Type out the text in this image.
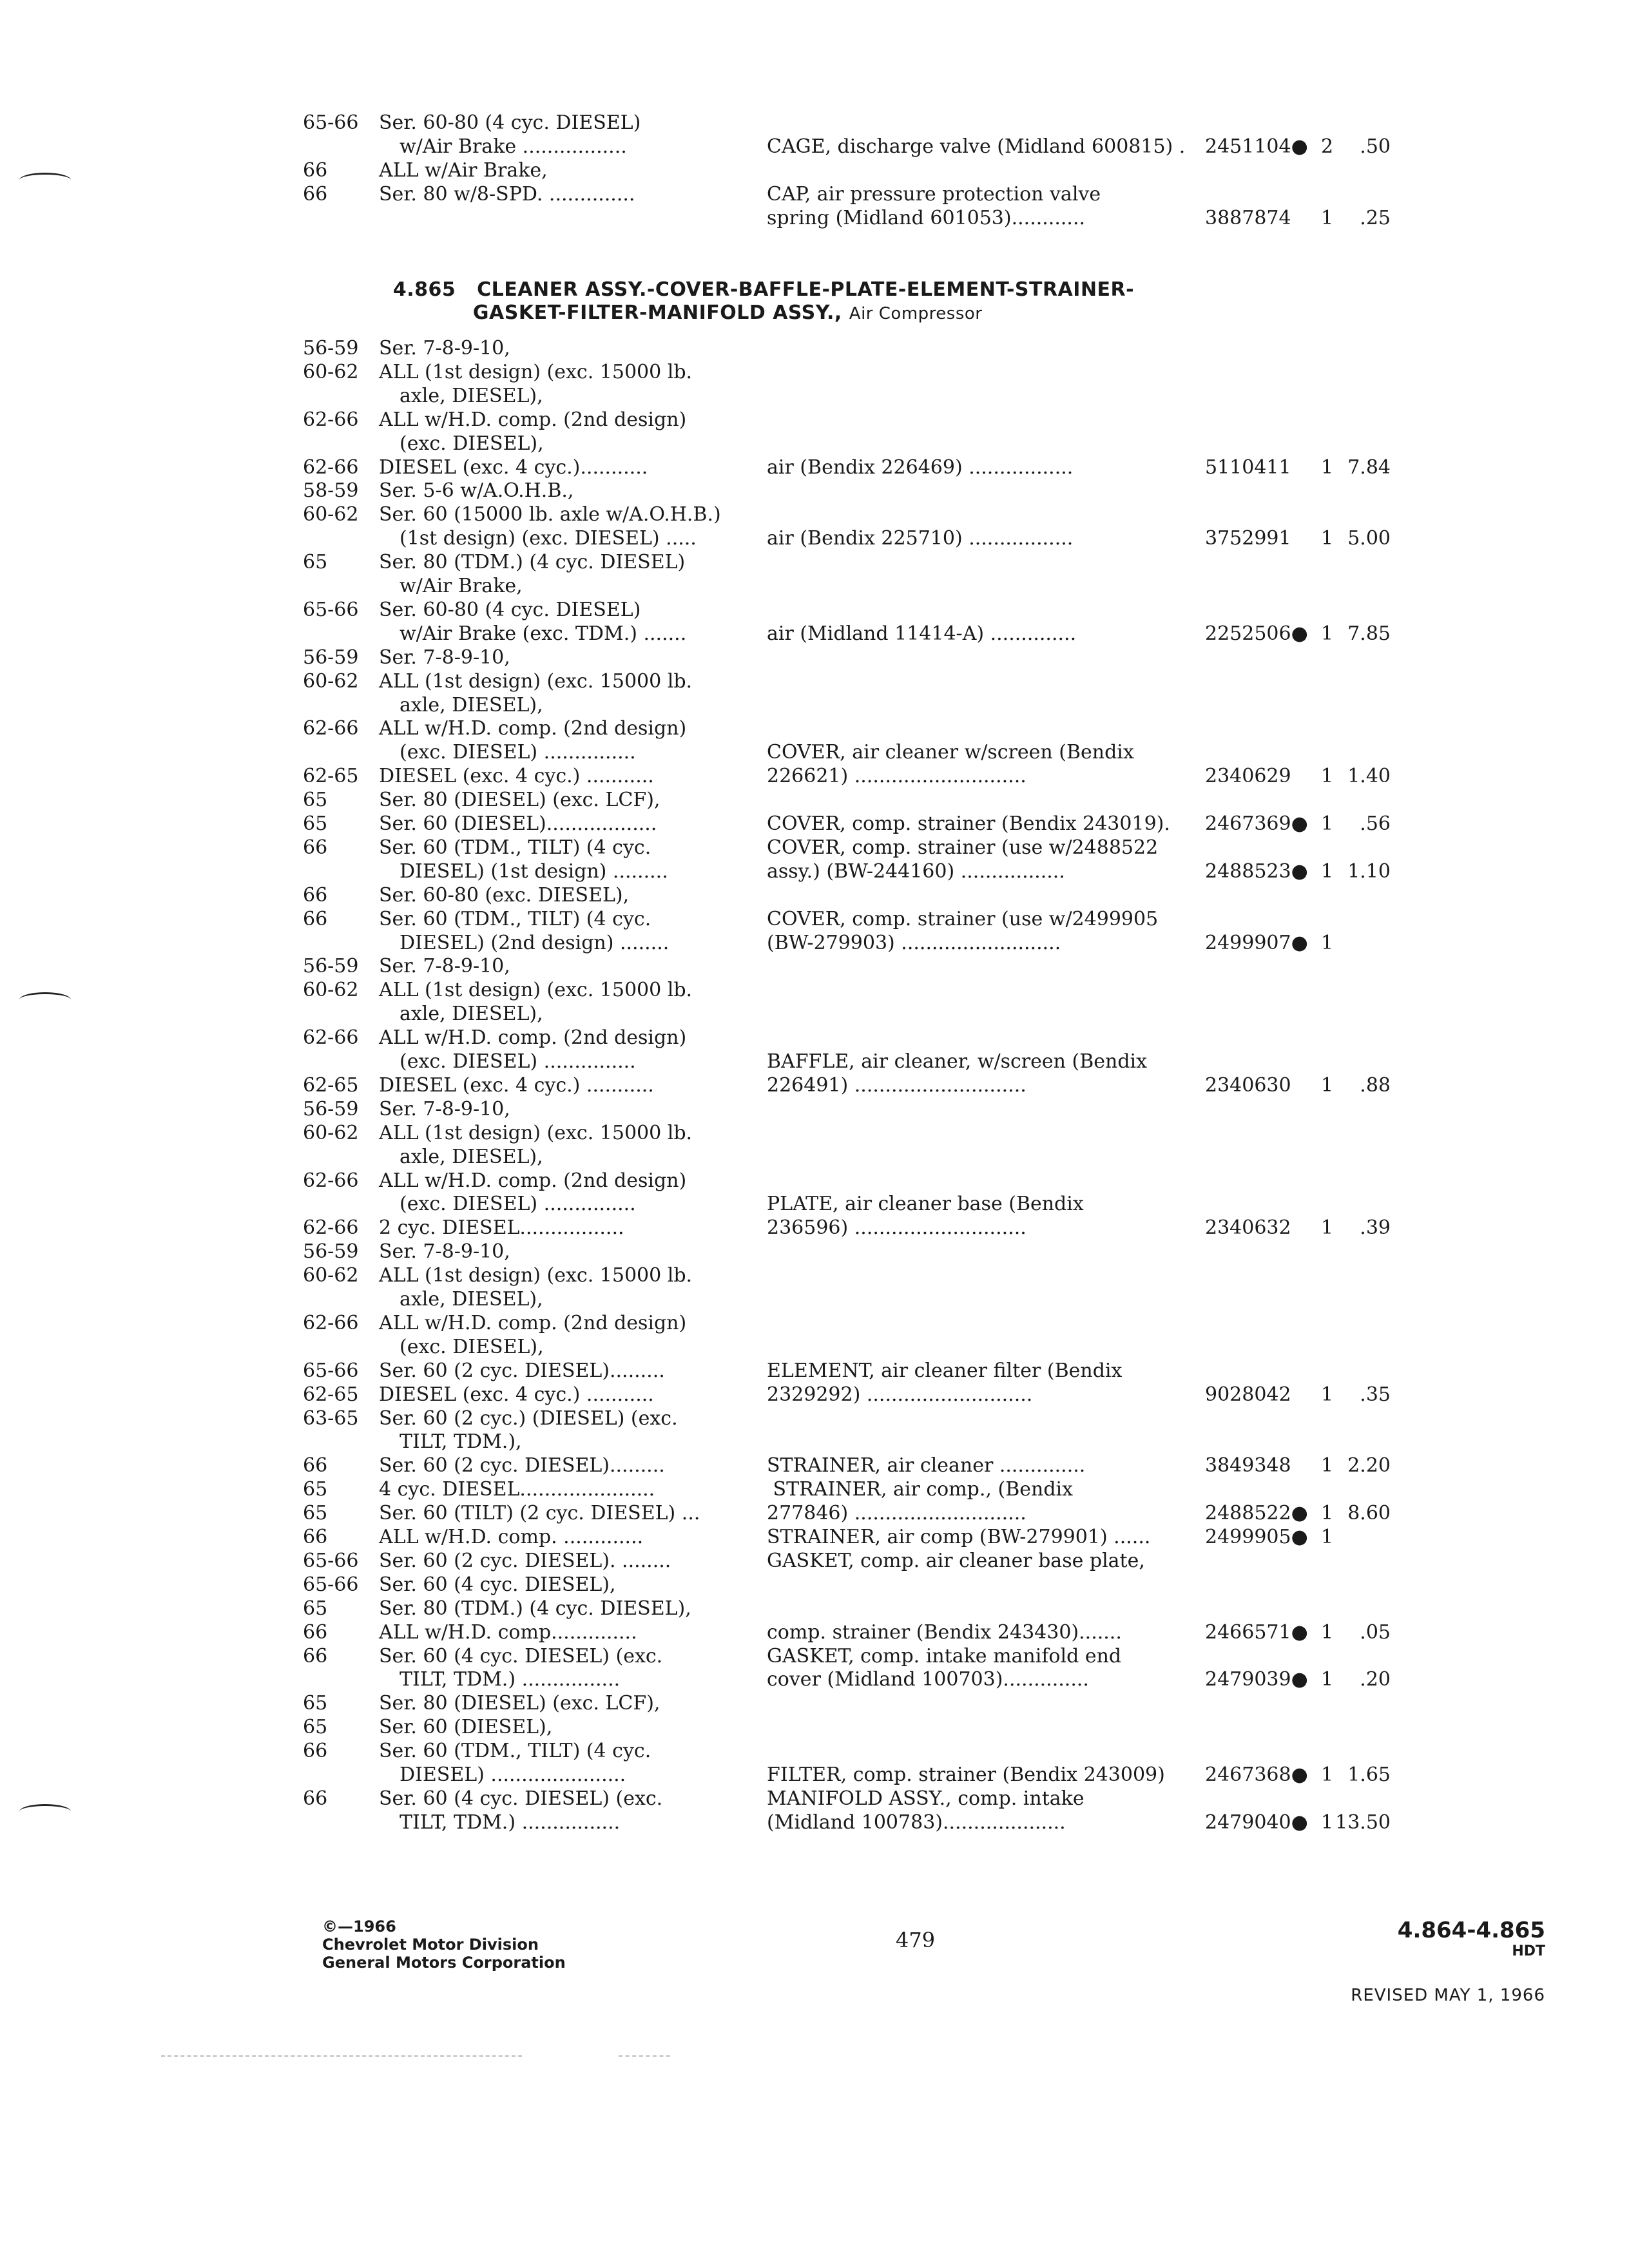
65-66 Ser. 60-80 (4 cyc. DIESEL)
w/Air Brake .................	CAGE, discharge valve (Midland 600815) . 2451104● 2 .50
66	ALL w/Air Brake,
66	Ser. 80 w/8-SPD. ..............	CAP, air pressure protection valve
spring (Midland 601053)............	3887874 1 .25
56-59 Ser. 7-8-9-10,
60-62 ALL (1st design) (exc. 15000 lb.
axle, DIESEL),
62-66 ALL w/H.D. comp. (2nd design)
(exc. DIESEL),
62-66 DIESEL (exc. 4 cyc.)...........	air (Bendix 226469) .................	5110411 1 7.84
58-59 Ser. 5-6 w/A.O.H.B.,
60-62 Ser. 60 (15000 lb. axle w/A.O.H.B.)
(1st design) (exc. DIESEL) .....	air (Bendix 225710) .................	3752991 1 5.00
65	Ser. 80 (TDM.) (4 cyc. DIESEL)
w/Air Brake,
65-66 Ser. 60-80 (4 cyc. DIESEL)
w/Air Brake (exc. TDM.) .......	air (Midland 11414-A) ..............	2252506● 1 7.85
56-59 Ser. 7-8-9-10,
60-62 ALL (1st design) (exc. 15000 lb.
axle, DIESEL),
62-66 ALL w/H.D. comp. (2nd design)
(exc. DIESEL) ...............	COVER, air cleaner w/screen (Bendix
62-65 DIESEL (exc. 4 cyc.) ...........	226621) ............................	2340629 1 1.40
65	Ser. 80 (DIESEL) (exc. LCF),
65	Ser. 60 (DIESEL)..................	COVER, comp. strainer (Bendix 243019). 2467369● 1 .56
66	Ser. 60 (TDM., TILT) (4 cyc.	COVER, comp. strainer (use w/2488522
DIESEL) (1st design) .........	assy.) (BW-244160) .................	2488523● 1 1.10
66	Ser. 60-80 (exc. DIESEL),
66	Ser. 60 (TDM., TILT) (4 cyc.	COVER, comp. strainer (use w/2499905
DIESEL) (2nd design) ........	(BW-279903) ..........................	2499907● 1
56-59 Ser. 7-8-9-10,
60-62 ALL (1st design) (exc. 15000 lb.
axle, DIESEL),
62-66 ALL w/H.D. comp. (2nd design)
(exc. DIESEL) ...............	BAFFLE, air cleaner, w/screen (Bendix
62-65 DIESEL (exc. 4 cyc.) ...........	226491) ............................	2340630 1 .88
56-59 Ser. 7-8-9-10,
60-62 ALL (1st design) (exc. 15000 lb.
axle, DIESEL),
62-66 ALL w/H.D. comp. (2nd design)
(exc. DIESEL) ...............	PLATE, air cleaner base (Bendix
62-66 2 cyc. DIESEL.................	236596) ............................	2340632 1 .39
56-59 Ser. 7-8-9-10,
60-62 ALL (1st design) (exc. 15000 lb.
axle, DIESEL),
62-66 ALL w/H.D. comp. (2nd design)
(exc. DIESEL),
65-66 Ser. 60 (2 cyc. DIESEL).........	ELEMENT, air cleaner filter (Bendix
62-65 DIESEL (exc. 4 cyc.) ...........	2329292) ...........................	9028042 1 .35
63-65 Ser. 60 (2 cyc.) (DIESEL) (exc.
TILT, TDM.),
66	Ser. 60 (2 cyc. DIESEL).........	STRAINER, air cleaner ..............	3849348 1 2.20
65	4 cyc. DIESEL......................	STRAINER, air comp., (Bendix
65	Ser. 60 (TILT) (2 cyc. DIESEL) ...	277846) ............................	2488522● 1 8.60
66	ALL w/H.D. comp. .............	STRAINER, air comp (BW-279901) ......	2499905● 1
65-66 Ser. 60 (2 cyc. DIESEL). ........	GASKET, comp. air cleaner base plate,
65-66 Ser. 60 (4 cyc. DIESEL),
65	Ser. 80 (TDM.) (4 cyc. DIESEL),
66	ALL w/H.D. comp..............	comp. strainer (Bendix 243430).......	2466571● 1 .05
66	Ser. 60 (4 cyc. DIESEL) (exc.	GASKET, comp. intake manifold end
TILT, TDM.) ................	cover (Midland 100703)..............	2479039● 1 .20
65	Ser. 80 (DIESEL) (exc. LCF),
65	Ser. 60 (DIESEL),
66	Ser. 60 (TDM., TILT) (4 cyc.
DIESEL) ......................	FILTER, comp. strainer (Bendix 243009) 2467368● 1 1.65
66	Ser. 60 (4 cyc. DIESEL) (exc.	MANIFOLD ASSY., comp. intake
TILT, TDM.) ................	(Midland 100783)....................	2479040● 1 13.50

4.865 CLEANER ASSY.-COVER-BAFFLE-PLATE-ELEMENT-STRAINER-

GASKET-FILTER-MANIFOLD ASSY., Air Compressor

©—1966
Chevrolet Motor Division
General Motors Corporation
479	4.864-4.865
HDT
REVISED MAY 1, 1966
